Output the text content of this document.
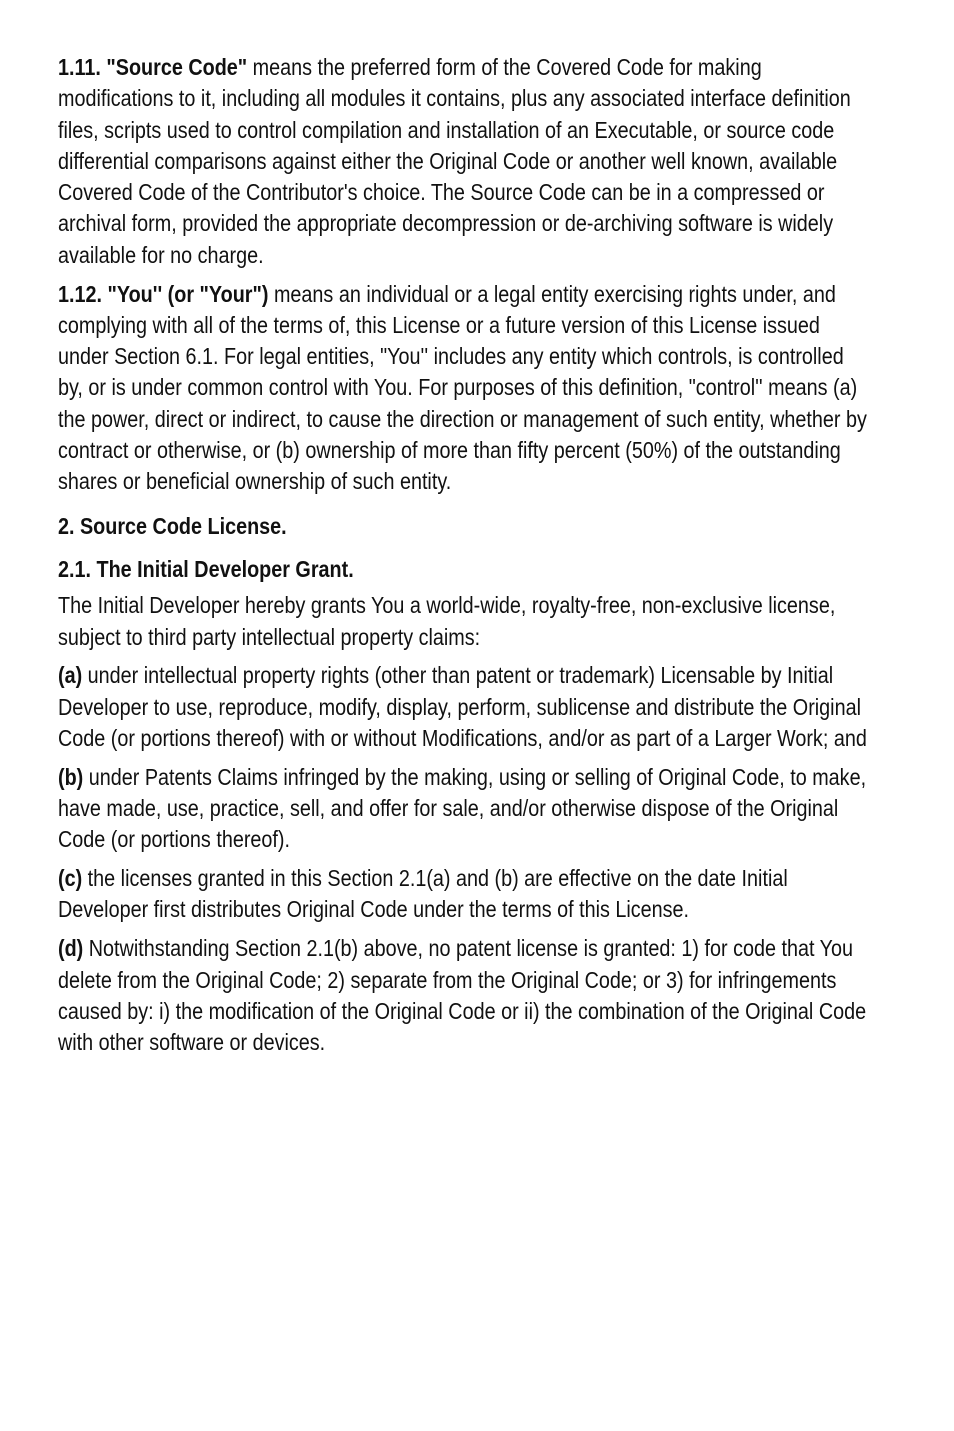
1.11. "Source Code" means the preferred form of the Covered Code for making modifications to it, including all modules it contains, plus any associated interface definition files, scripts used to control compilation and installation of an Executable, or source code differential comparisons against either the Original Code or another well known, available Covered Code of the Contributor's choice. The Source Code can be in a compressed or archival form, provided the appropriate decompression or de-archiving software is widely available for no charge.

1.12. "You'' (or "Your") means an individual or a legal entity exercising rights under, and complying with all of the terms of, this License or a future version of this License issued under Section 6.1. For legal entities, "You'' includes any entity which controls, is controlled by, or is under common control with You. For purposes of this definition, "control'' means (a) the power, direct or indirect, to cause the direction or management of such entity, whether by contract or otherwise, or (b) ownership of more than fifty percent (50%) of the outstanding shares or beneficial ownership of such entity.

2. Source Code License.

2.1. The Initial Developer Grant.

The Initial Developer hereby grants You a world-wide, royalty-free, non-exclusive license, subject to third party intellectual property claims:

(a) under intellectual property rights (other than patent or trademark) Licensable by Initial Developer to use, reproduce, modify, display, perform, sublicense and distribute the Original Code (or portions thereof) with or without Modifications, and/or as part of a Larger Work; and

(b) under Patents Claims infringed by the making, using or selling of Original Code, to make, have made, use, practice, sell, and offer for sale, and/or otherwise dispose of the Original Code (or portions thereof).

(c) the licenses granted in this Section 2.1(a) and (b) are effective on the date Initial Developer first distributes Original Code under the terms of this License.

(d) Notwithstanding Section 2.1(b) above, no patent license is granted: 1) for code that You delete from the Original Code; 2) separate from the Original Code; or 3) for infringements caused by: i) the modification of the Original Code or ii) the combination of the Original Code with other software or devices.
